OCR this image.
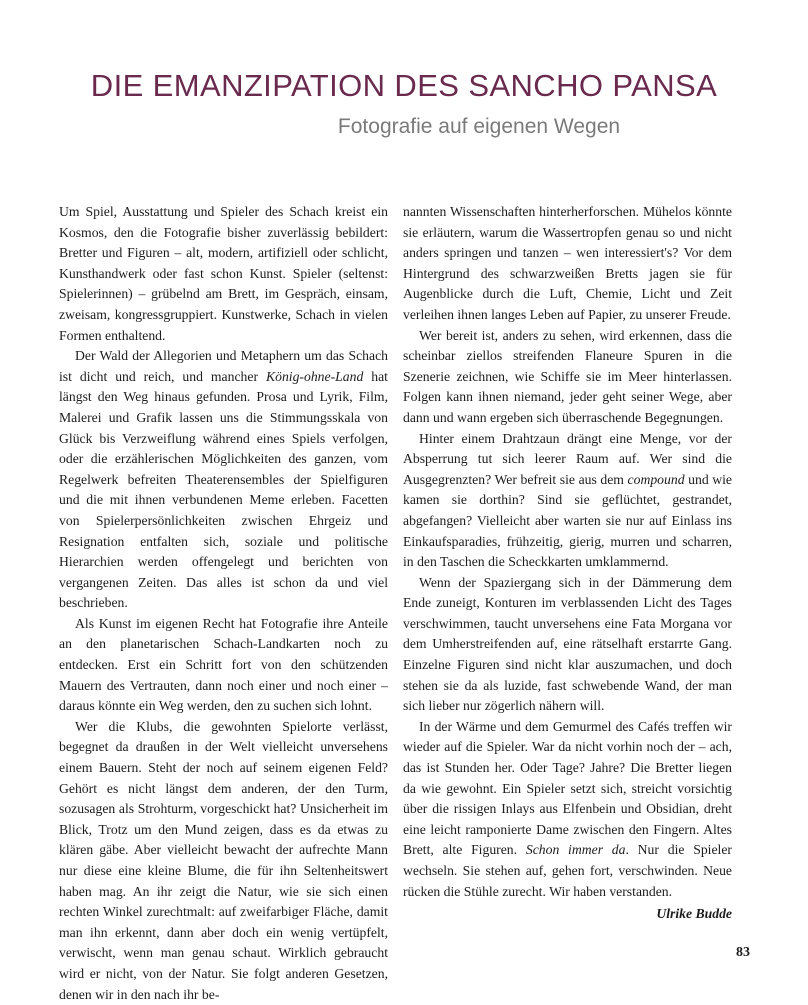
DIE EMANZIPATION DES SANCHO PANSA
Fotografie auf eigenen Wegen

Um Spiel, Ausstattung und Spieler des Schach kreist ein Kosmos, den die Fotografie bisher zuverlässig bebildert: Bretter und Figuren – alt, modern, artifiziell oder schlicht, Kunsthandwerk oder fast schon Kunst. Spieler (seltenst: Spielerinnen) – grübelnd am Brett, im Gespräch, einsam, zweisam, kongressgruppiert. Kunstwerke, Schach in vielen Formen enthaltend.

Der Wald der Allegorien und Metaphern um das Schach ist dicht und reich, und mancher König-ohne-Land hat längst den Weg hinaus gefunden. Prosa und Lyrik, Film, Malerei und Grafik lassen uns die Stimmungsskala von Glück bis Verzweiflung während eines Spiels verfolgen, oder die erzählerischen Möglichkeiten des ganzen, vom Regelwerk befreiten Theaterensembles der Spielfiguren und die mit ihnen verbundenen Meme erleben. Facetten von Spielerpersönlichkeiten zwischen Ehrgeiz und Resignation entfalten sich, soziale und politische Hierarchien werden offengelegt und berichten von vergangenen Zeiten. Das alles ist schon da und viel beschrieben.

Als Kunst im eigenen Recht hat Fotografie ihre Anteile an den planetarischen Schach-Landkarten noch zu entdecken. Erst ein Schritt fort von den schützenden Mauern des Vertrauten, dann noch einer und noch einer – daraus könnte ein Weg werden, den zu suchen sich lohnt.

Wer die Klubs, die gewohnten Spielorte verlässt, begegnet da draußen in der Welt vielleicht unversehens einem Bauern. Steht der noch auf seinem eigenen Feld? Gehört es nicht längst dem anderen, der den Turm, sozusagen als Strohturm, vorgeschickt hat? Unsicherheit im Blick, Trotz um den Mund zeigen, dass es da etwas zu klären gäbe. Aber vielleicht bewacht der aufrechte Mann nur diese eine kleine Blume, die für ihn Seltenheitswert haben mag. An ihr zeigt die Natur, wie sie sich einen rechten Winkel zurechtmalt: auf zweifarbiger Fläche, damit man ihn erkennt, dann aber doch ein wenig vertüpfelt, verwischt, wenn man genau schaut. Wirklich gebraucht wird er nicht, von der Natur. Sie folgt anderen Gesetzen, denen wir in den nach ihr be-

nannten Wissenschaften hinterherforschen. Mühelos könnte sie erläutern, warum die Wassertropfen genau so und nicht anders springen und tanzen – wen interessiert's? Vor dem Hintergrund des schwarzweißen Bretts jagen sie für Augenblicke durch die Luft, Chemie, Licht und Zeit verleihen ihnen langes Leben auf Papier, zu unserer Freude.

Wer bereit ist, anders zu sehen, wird erkennen, dass die scheinbar ziellos streifenden Flaneure Spuren in die Szenerie zeichnen, wie Schiffe sie im Meer hinterlassen. Folgen kann ihnen niemand, jeder geht seiner Wege, aber dann und wann ergeben sich überraschende Begegnungen.

Hinter einem Drahtzaun drängt eine Menge, vor der Absperrung tut sich leerer Raum auf. Wer sind die Ausgegrenzten? Wer befreit sie aus dem compound und wie kamen sie dorthin? Sind sie geflüchtet, gestrandet, abgefangen? Vielleicht aber warten sie nur auf Einlass ins Einkaufsparadies, frühzeitig, gierig, murren und scharren, in den Taschen die Scheckkarten umklammernd.

Wenn der Spaziergang sich in der Dämmerung dem Ende zuneigt, Konturen im verblassenden Licht des Tages verschwimmen, taucht unversehens eine Fata Morgana vor dem Umherstreifenden auf, eine rätselhaft erstarrte Gang. Einzelne Figuren sind nicht klar auszumachen, und doch stehen sie da als luzide, fast schwebende Wand, der man sich lieber nur zögerlich nähern will.

In der Wärme und dem Gemurmel des Cafés treffen wir wieder auf die Spieler. War da nicht vorhin noch der – ach, das ist Stunden her. Oder Tage? Jahre? Die Bretter liegen da wie gewohnt. Ein Spieler setzt sich, streicht vorsichtig über die rissigen Inlays aus Elfenbein und Obsidian, dreht eine leicht ramponierte Dame zwischen den Fingern. Altes Brett, alte Figuren. Schon immer da. Nur die Spieler wechseln. Sie stehen auf, gehen fort, verschwinden. Neue rücken die Stühle zurecht. Wir haben verstanden.

Ulrike Budde

83
